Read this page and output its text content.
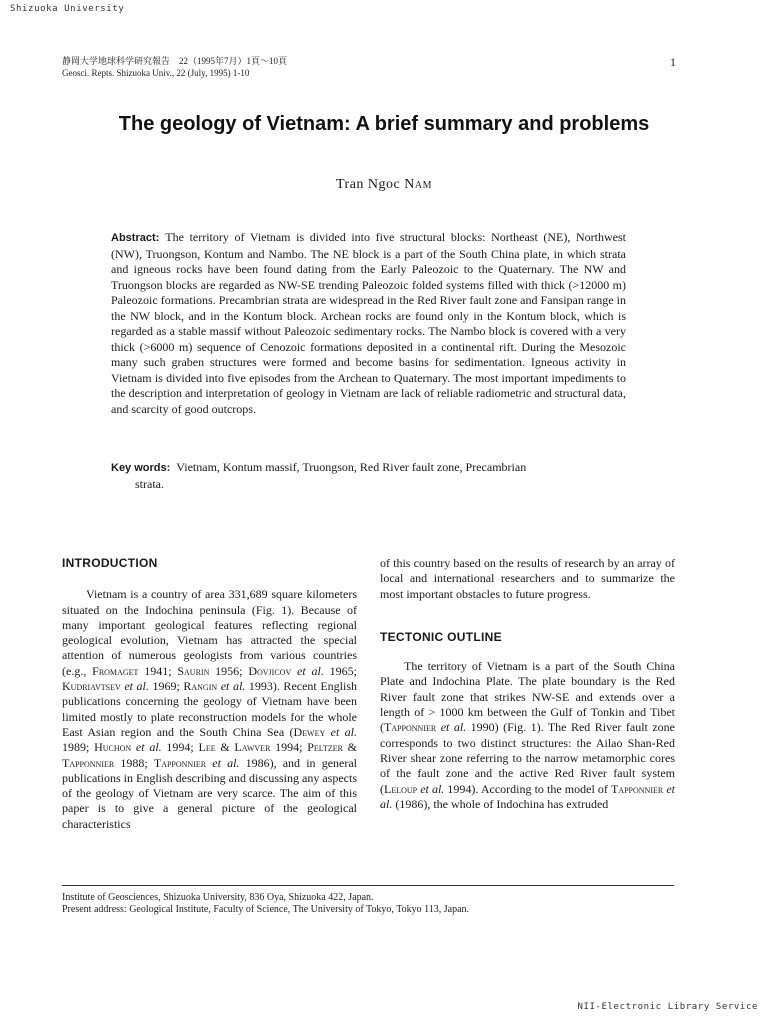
Shizuoka University
静岡大学地球科学研究報告　22（1995年7月）1頁〜10頁
Geosci. Repts. Shizuoka Univ., 22 (July, 1995) 1-10
1
The geology of Vietnam: A brief summary and problems
Tran Ngoc Nam
Abstract: The territory of Vietnam is divided into five structural blocks: Northeast (NE), Northwest (NW), Truongson, Kontum and Nambo. The NE block is a part of the South China plate, in which strata and igneous rocks have been found dating from the Early Paleozoic to the Quaternary. The NW and Truongson blocks are regarded as NW-SE trending Paleozoic folded systems filled with thick (>12000 m) Paleozoic formations. Precambrian strata are widespread in the Red River fault zone and Fansipan range in the NW block, and in the Kontum block. Archean rocks are found only in the Kontum block, which is regarded as a stable massif without Paleozoic sedimentary rocks. The Nambo block is covered with a very thick (>6000 m) sequence of Cenozoic formations deposited in a continental rift. During the Mesozoic many such graben structures were formed and become basins for sedimentation. Igneous activity in Vietnam is divided into five episodes from the Archean to Quaternary. The most important impediments to the description and interpretation of geology in Vietnam are lack of reliable radiometric and structural data, and scarcity of good outcrops.
Key words: Vietnam, Kontum massif, Truongson, Red River fault zone, Precambrian
strata.

INTRODUCTION

Vietnam is a country of area 331,689 square kilometers situated on the Indochina peninsula (Fig. 1). Because of many important geological features reflecting regional geological evolution, Vietnam has attracted the special attention of numerous geologists from various countries (e.g., Fromaget 1941; Saurin 1956; Dovjicov et al. 1965; Kudriavtsev et al. 1969; Rangin et al. 1993). Recent English publications concerning the geology of Vietnam have been limited mostly to plate reconstruction models for the whole East Asian region and the South China Sea (Dewey et al. 1989; Huchon et al. 1994; Lee & Lawver 1994; Peltzer & Tapponnier 1988; Tapponnier et al. 1986), and in general publications in English describing and discussing any aspects of the geology of Vietnam are very scarce. The aim of this paper is to give a general picture of the geological characteristics

of this country based on the results of research by an array of local and international researchers and to summarize the most important obstacles to future progress.

TECTONIC OUTLINE

The territory of Vietnam is a part of the South China Plate and Indochina Plate. The plate boundary is the Red River fault zone that strikes NW-SE and extends over a length of > 1000 km between the Gulf of Tonkin and Tibet (Tapponnier et al. 1990) (Fig. 1). The Red River fault zone corresponds to two distinct structures: the Ailao Shan-Red River shear zone referring to the narrow metamorphic cores of the fault zone and the active Red River fault system (Leloup et al. 1994). According to the model of Tapponnier et al. (1986), the whole of Indochina has extruded

Institute of Geosciences, Shizuoka University, 836 Oya, Shizuoka 422, Japan.
Present address: Geological Institute, Faculty of Science, The University of Tokyo, Tokyo 113, Japan.
NII-Electronic Library Service
